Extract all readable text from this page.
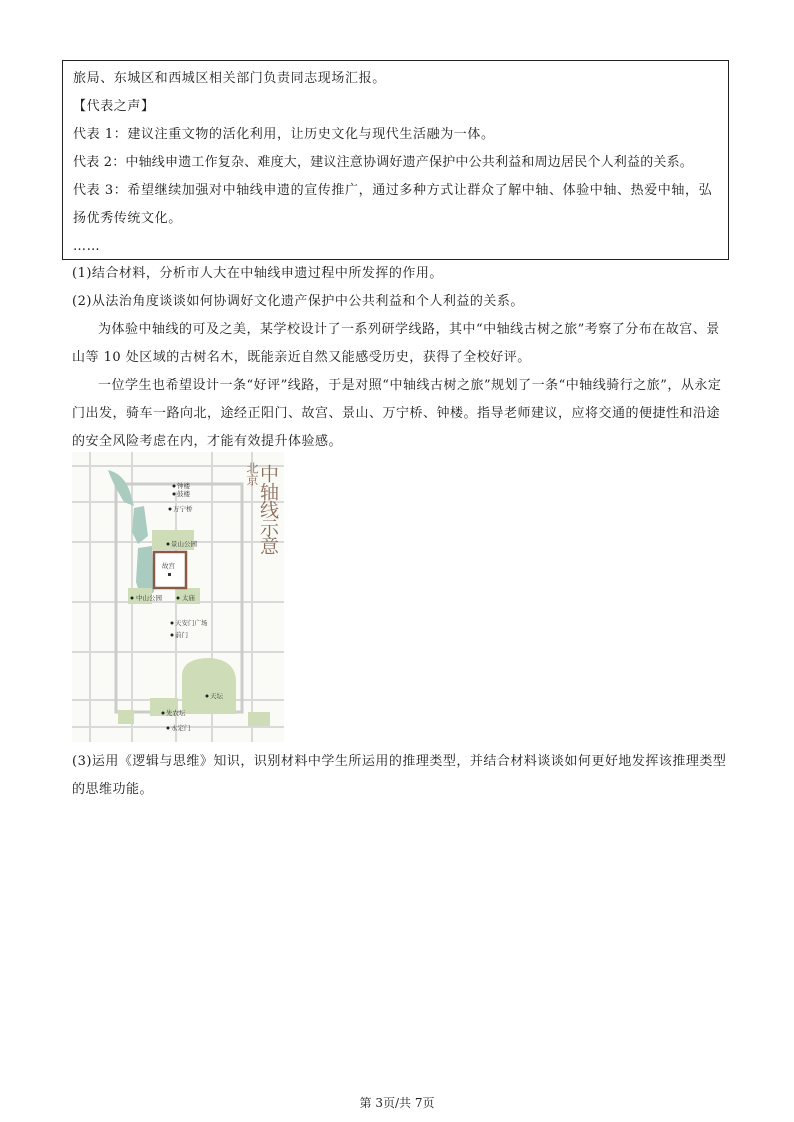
旅局、东城区和西城区相关部门负责同志现场汇报。

【代表之声】

代表 1：建议注重文物的活化利用，让历史文化与现代生活融为一体。

代表 2：中轴线申遗工作复杂、难度大，建议注意协调好遗产保护中公共利益和周边居民个人利益的关系。

代表 3：希望继续加强对中轴线申遗的宣传推广，通过多种方式让群众了解中轴、体验中轴、热爱中轴，弘扬优秀传统文化。

……

(1)结合材料，分析市人大在中轴线申遗过程中所发挥的作用。

(2)从法治角度谈谈如何协调好文化遗产保护中公共利益和个人利益的关系。

为体验中轴线的可及之美，某学校设计了一系列研学线路，其中“中轴线古树之旅”考察了分布在故宫、景山等 10 处区域的古树名木，既能亲近自然又能感受历史，获得了全校好评。

一位学生也希望设计一条“好评”线路，于是对照“中轴线古树之旅”规划了一条“中轴线骑行之旅”，从永定门出发，骑车一路向北，途经正阳门、故宫、景山、万宁桥、钟楼。指导老师建议，应将交通的便捷性和沿途的安全风险考虑在内，才能有效提升体验感。

钟楼
鼓楼
万宁桥
景山公园
故宫
中山公园	太庙
天安门广场
前门
天坛
先农坛
永定门
中轴线示意
北京

(3)运用《逻辑与思维》知识，识别材料中学生所运用的推理类型，并结合材料谈谈如何更好地发挥该推理类型的思维功能。

第 3页/共 7页
